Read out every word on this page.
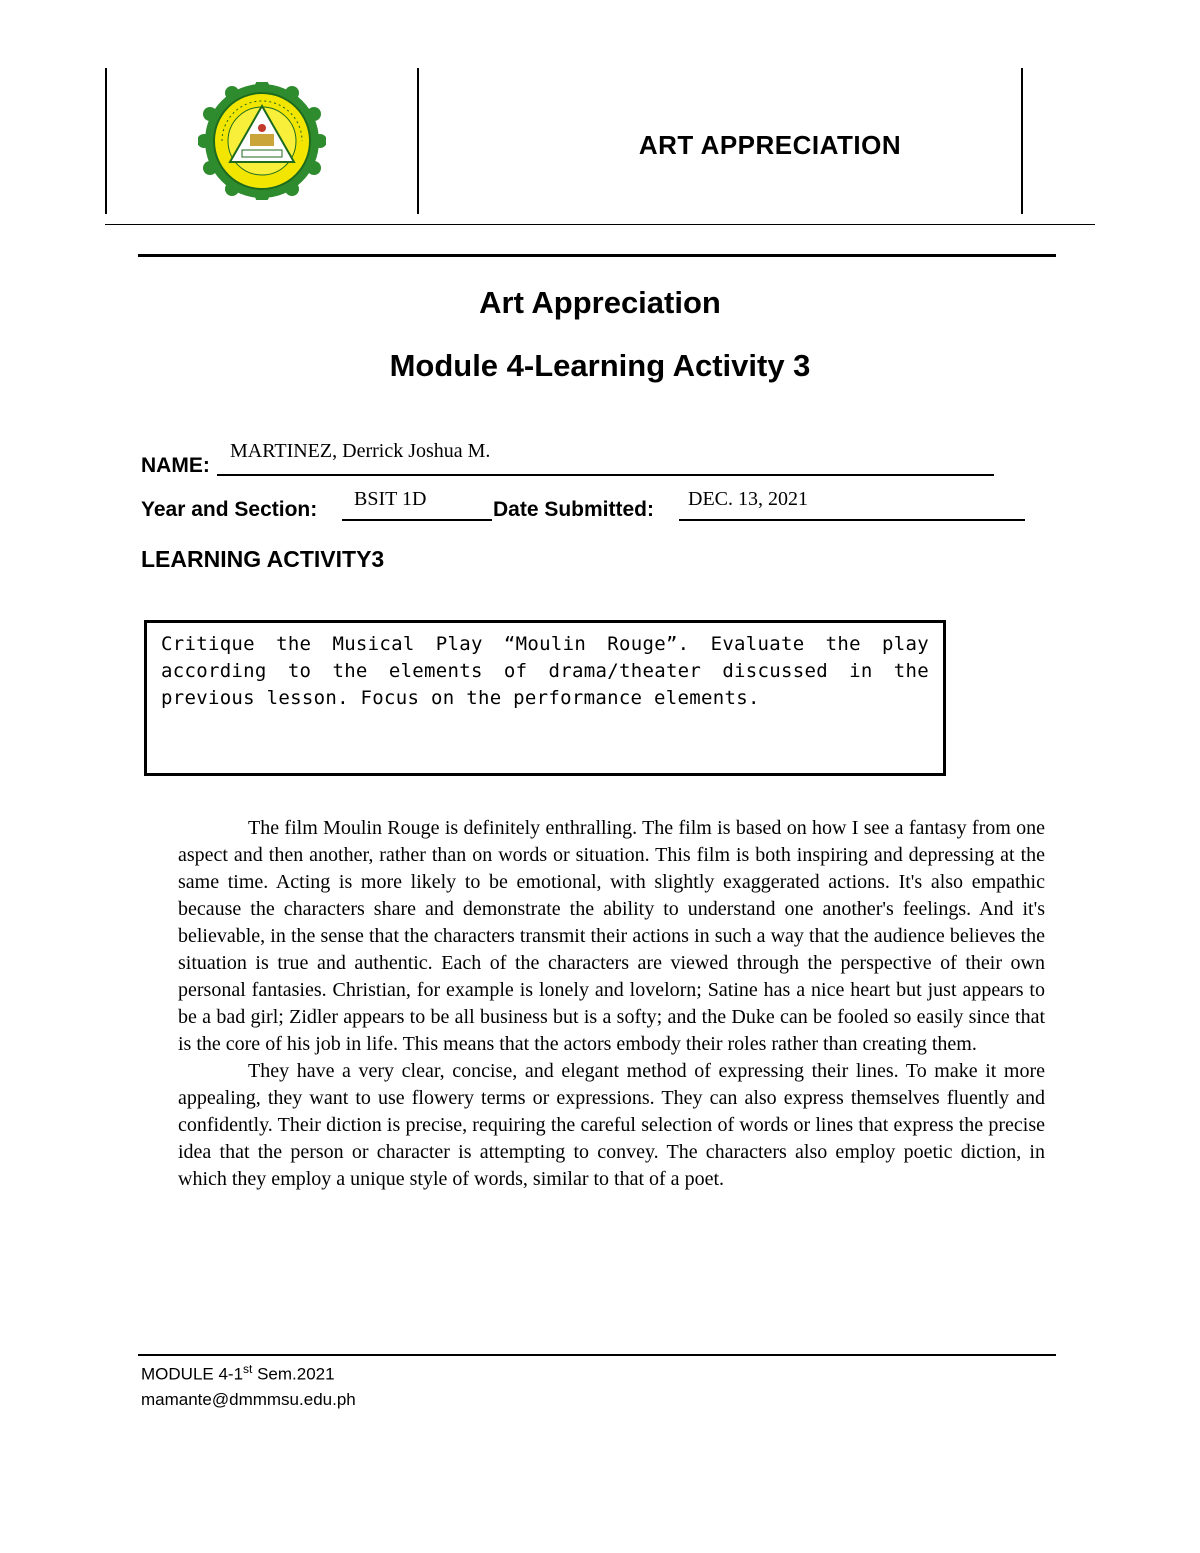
ART APPRECIATION
Art Appreciation
Module 4-Learning Activity 3
NAME:
MARTINEZ, Derrick Joshua M.
Year and Section: BSIT 1D	Date Submitted: DEC. 13, 2021
LEARNING ACTIVITY3
Critique the Musical Play “Moulin Rouge”. Evaluate the play according to the elements of drama/theater discussed in the previous lesson. Focus on the performance elements.

The film Moulin Rouge is definitely enthralling. The film is based on how I see a fantasy from one aspect and then another, rather than on words or situation. This film is both inspiring and depressing at the same time. Acting is more likely to be emotional, with slightly exaggerated actions. It's also empathic because the characters share and demonstrate the ability to understand one another's feelings. And it's believable, in the sense that the characters transmit their actions in such a way that the audience believes the situation is true and authentic. Each of the characters are viewed through the perspective of their own personal fantasies. Christian, for example is lonely and lovelorn; Satine has a nice heart but just appears to be a bad girl; Zidler appears to be all business but is a softy; and the Duke can be fooled so easily since that is the core of his job in life. This means that the actors embody their roles rather than creating them.

They have a very clear, concise, and elegant method of expressing their lines. To make it more appealing, they want to use flowery terms or expressions. They can also express themselves fluently and confidently. Their diction is precise, requiring the careful selection of words or lines that express the precise idea that the person or character is attempting to convey. The characters also employ poetic diction, in which they employ a unique style of words, similar to that of a poet.

MODULE 4-1st Sem.2021
mamante@dmmmsu.edu.ph
